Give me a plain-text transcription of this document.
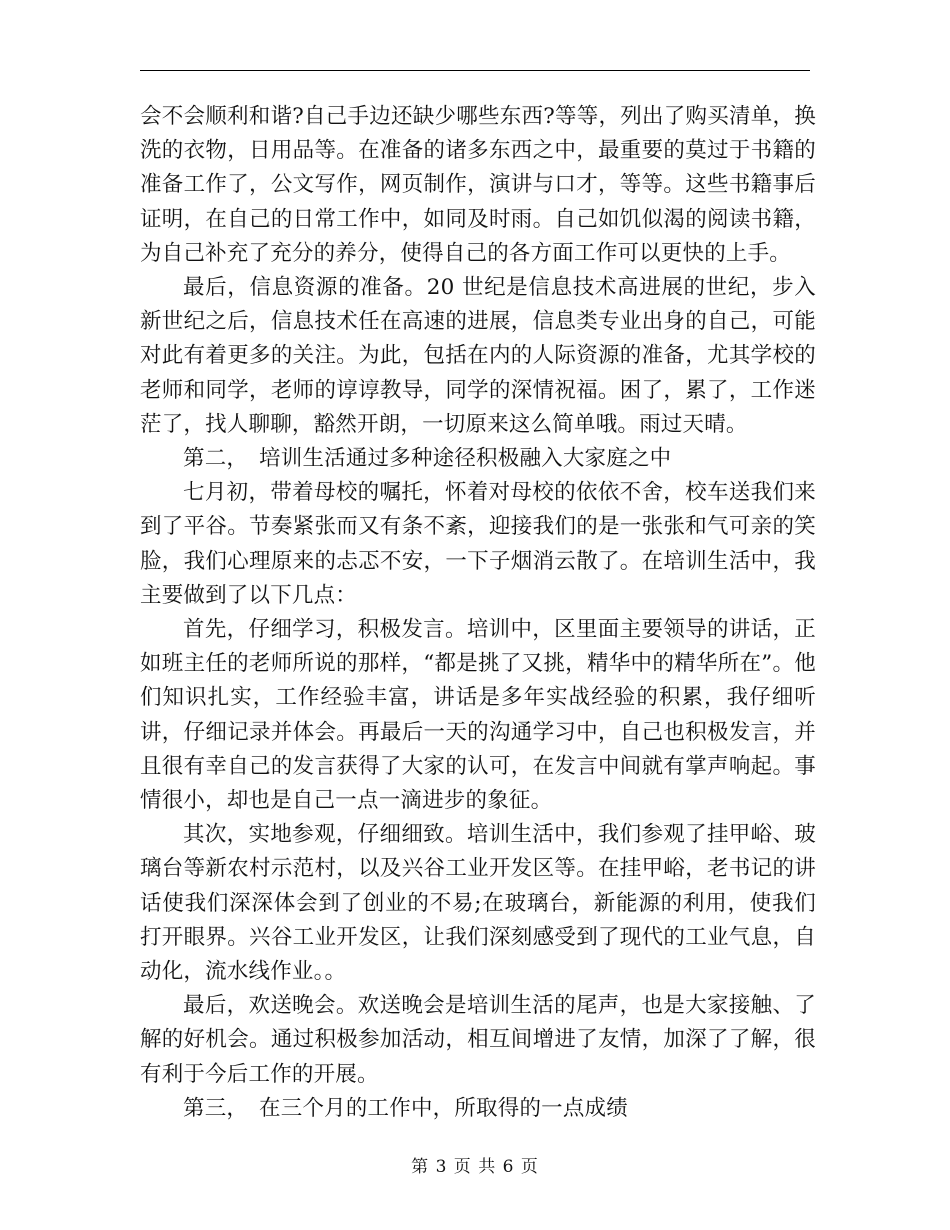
会不会顺利和谐?自己手边还缺少哪些东西?等等，列出了购买清单，换洗的衣物，日用品等。在准备的诸多东西之中，最重要的莫过于书籍的准备工作了，公文写作，网页制作，演讲与口才，等等。这些书籍事后证明，在自己的日常工作中，如同及时雨。自己如饥似渴的阅读书籍，为自己补充了充分的养分，使得自己的各方面工作可以更快的上手。

最后，信息资源的准备。20 世纪是信息技术高进展的世纪，步入新世纪之后，信息技术任在高速的进展，信息类专业出身的自己，可能对此有着更多的关注。为此，包括在内的人际资源的准备，尤其学校的老师和同学，老师的谆谆教导，同学的深情祝福。困了，累了，工作迷茫了，找人聊聊，豁然开朗，一切原来这么简单哦。雨过天晴。

第二，　培训生活通过多种途径积极融入大家庭之中

七月初，带着母校的嘱托，怀着对母校的依依不舍，校车送我们来到了平谷。节奏紧张而又有条不紊，迎接我们的是一张张和气可亲的笑脸，我们心理原来的忐忑不安，一下子烟消云散了。在培训生活中，我主要做到了以下几点：

首先，仔细学习，积极发言。培训中，区里面主要领导的讲话，正如班主任的老师所说的那样，“都是挑了又挑，精华中的精华所在”。他们知识扎实，工作经验丰富，讲话是多年实战经验的积累，我仔细听讲，仔细记录并体会。再最后一天的沟通学习中，自己也积极发言，并且很有幸自己的发言获得了大家的认可，在发言中间就有掌声响起。事情很小，却也是自己一点一滴进步的象征。

其次，实地参观，仔细细致。培训生活中，我们参观了挂甲峪、玻璃台等新农村示范村，以及兴谷工业开发区等。在挂甲峪，老书记的讲话使我们深深体会到了创业的不易;在玻璃台，新能源的利用，使我们打开眼界。兴谷工业开发区，让我们深刻感受到了现代的工业气息，自动化，流水线作业。。

最后，欢送晚会。欢送晚会是培训生活的尾声，也是大家接触、了解的好机会。通过积极参加活动，相互间增进了友情，加深了了解，很有利于今后工作的开展。

第三，　在三个月的工作中，所取得的一点成绩

第 3 页 共 6 页
